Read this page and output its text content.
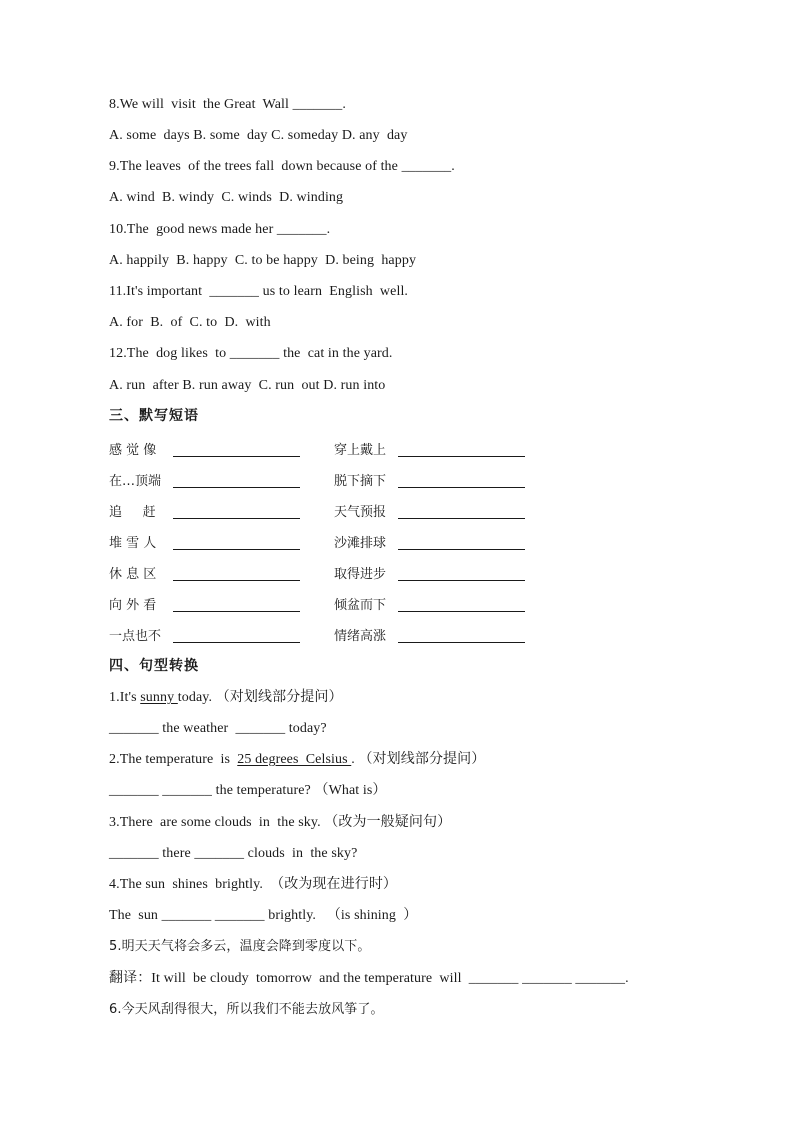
8.We will  visit  the Great  Wall _______.
A. some  days B. some  day C. someday D. any  day
9.The leaves  of the trees fall  down because of the _______.
A. wind  B. windy  C. winds  D. winding
10.The  good news made her _______.
A. happily  B. happy  C. to be happy  D. being  happy
11.It's important  _______ us to learn  English  well.
A. for  B.  of  C. to  D.  with
12.The  dog likes  to _______ the  cat in the yard.
A. run  after B. run away  C. run  out D. run into
三、默写短语
感 觉 像	穿上戴上
在…顶端	脱下摘下
追     赶	天气预报
堆 雪 人	沙滩排球
休 息 区	取得进步
向 外 看	倾盆而下
一点也不	情绪高涨
四、句型转换
1.It's sunny today. （对划线部分提问）
_______ the weather  _______ today?
2.The temperature  is  25 degrees  Celsius . （对划线部分提问）
_______ _______ the temperature? （What is）
3.There  are some clouds  in  the sky. （改为一般疑问句）
_______ there _______ clouds  in  the sky?
4.The sun  shines  brightly.  （改为现在进行时）
The  sun _______ _______ brightly.   （is shining  ）
5.明天天气将会多云，温度会降到零度以下。
翻译：It will  be cloudy  tomorrow  and the temperature  will  _______ _______ _______.
6.今天风刮得很大，所以我们不能去放风筝了。
